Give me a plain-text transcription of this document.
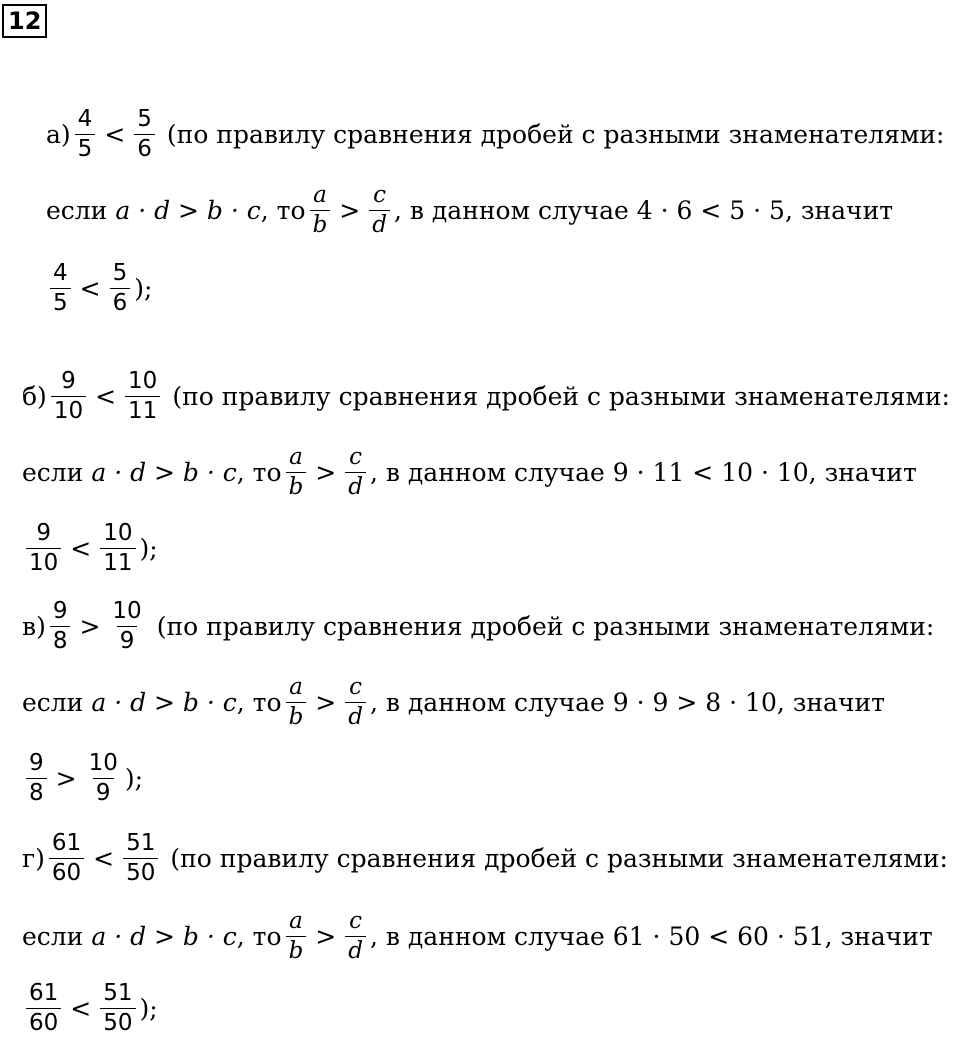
12
$а) \frac{4}{5} < \frac{5}{6} (по$ правилу сравнения дробей с разными знаменателями:
если a · d > b · c , то $\frac{a}{b} > \frac{c}{d}$ , в данном случае 4 · 6 < 5 · 5 , значит
$\frac{4}{5} < \frac{5}{6}$ );
$б) \frac{9}{10} < \frac{10}{11} (по$ правилу сравнения дробей с разными знаменателями:
если a · d > b · c , то $\frac{a}{b} > \frac{c}{d}$ , в данном случае 9 · 11 < 10 · 10 , значит
$\frac{9}{10} < \frac{10}{11}$ );
$в) \frac{9}{8} > \frac{10}{9} (по$ правилу сравнения дробей с разными знаменателями:
если a · d > b · c , то $\frac{a}{b} > \frac{c}{d}$ , в данном случае 9 · 9 > 8 · 10 , значит
$\frac{9}{8} > \frac{10}{9}$ );
$г) \frac{61}{60} < \frac{51}{50} (по$ правилу сравнения дробей с разными знаменателями:
если a · d > b · c , то $\frac{a}{b} > \frac{c}{d}$ , в данном случае 61 · 50 < 60 · 51 , значит
$\frac{61}{60} < \frac{51}{50}$ );
